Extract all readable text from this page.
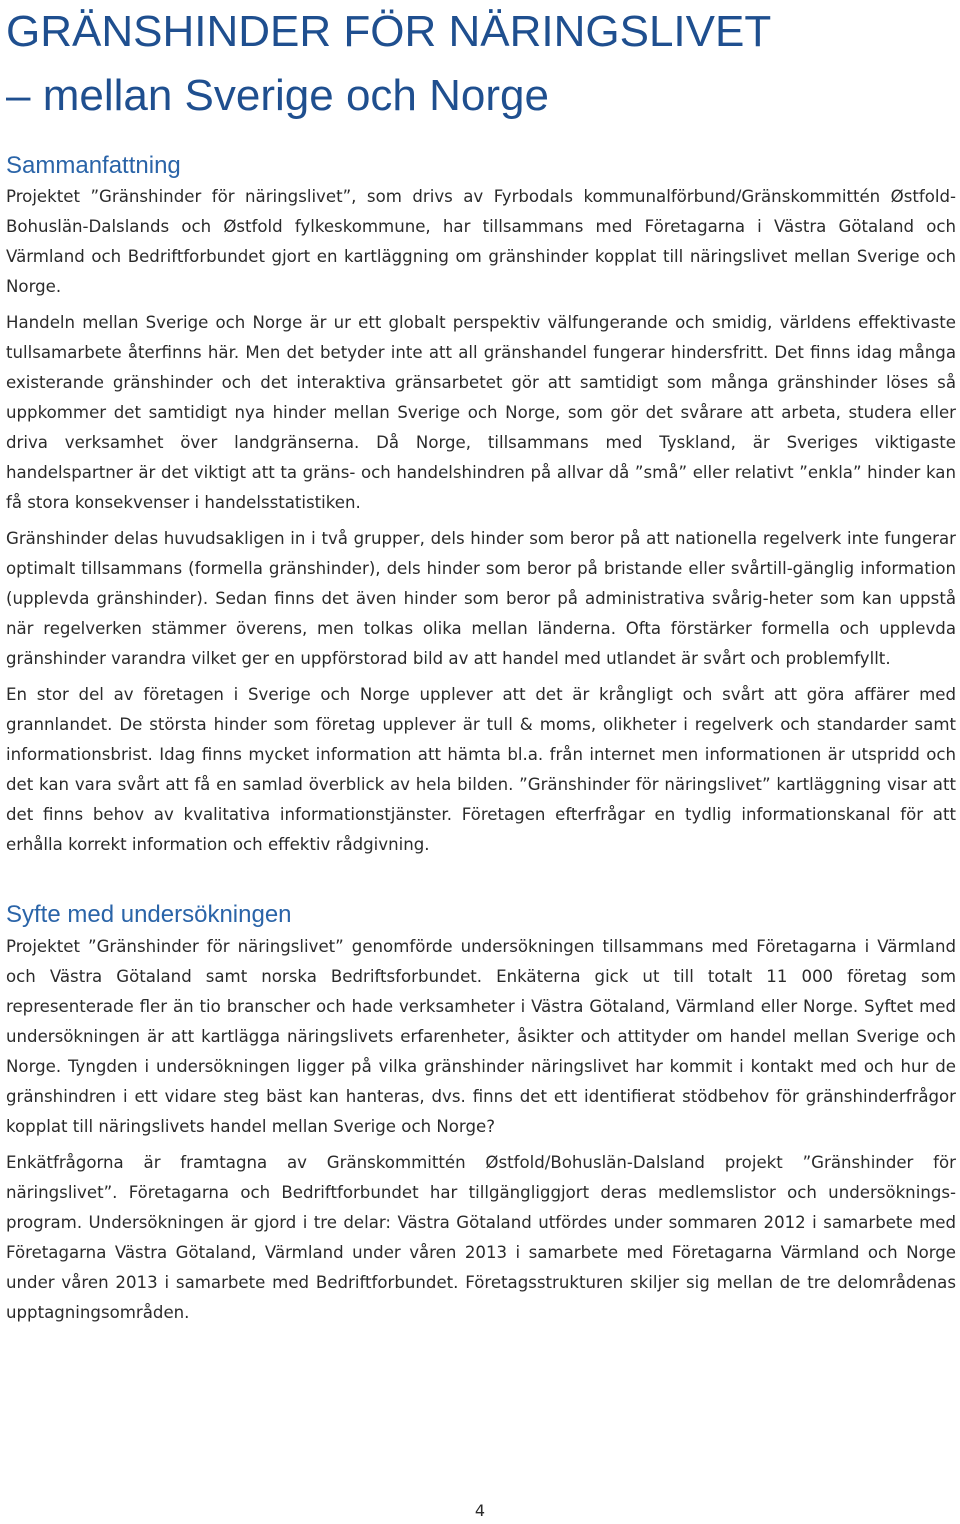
GRÄNSHINDER FÖR NÄRINGSLIVET
– mellan Sverige och Norge
Sammanfattning

Projektet ”Gränshinder för näringslivet”, som drivs av Fyrbodals kommunalförbund/Gränskommittén Østfold-Bohuslän-Dalslands och Østfold fylkeskommune, har tillsammans med Företagarna i Västra Götaland och Värmland och Bedriftforbundet gjort en kartläggning om gränshinder kopplat till näringslivet mellan Sverige och Norge.

Handeln mellan Sverige och Norge är ur ett globalt perspektiv välfungerande och smidig, världens effektivaste tullsamarbete återfinns här. Men det betyder inte att all gränshandel fungerar hindersfritt. Det finns idag många existerande gränshinder och det interaktiva gränsarbetet gör att samtidigt som många gränshinder löses så uppkommer det samtidigt nya hinder mellan Sverige och Norge, som gör det svårare att arbeta, studera eller driva verksamhet över landgränserna. Då Norge, tillsammans med Tyskland, är Sveriges viktigaste handelspartner är det viktigt att ta gräns- och handelshindren på allvar då ”små” eller relativt ”enkla” hinder kan få stora konsekvenser i handelsstatistiken.

Gränshinder delas huvudsakligen in i två grupper, dels hinder som beror på att nationella regelverk inte fungerar optimalt tillsammans (formella gränshinder), dels hinder som beror på bristande eller svårtill-gänglig information (upplevda gränshinder). Sedan finns det även hinder som beror på administrativa svårig-heter som kan uppstå när regelverken stämmer överens, men tolkas olika mellan länderna. Ofta förstärker formella och upplevda gränshinder varandra vilket ger en uppförstorad bild av att handel med utlandet är svårt och problemfyllt.

En stor del av företagen i Sverige och Norge upplever att det är krångligt och svårt att göra affärer med grannlandet. De största hinder som företag upplever är tull & moms, olikheter i regelverk och standarder samt informationsbrist. Idag finns mycket information att hämta bl.a. från internet men informationen är utspridd och det kan vara svårt att få en samlad överblick av hela bilden. ”Gränshinder för näringslivet” kartläggning visar att det finns behov av kvalitativa informationstjänster. Företagen efterfrågar en tydlig informationskanal för att erhålla korrekt information och effektiv rådgivning.

Syfte med undersökningen

Projektet ”Gränshinder för näringslivet” genomförde undersökningen tillsammans med Företagarna i Värmland och Västra Götaland samt norska Bedriftsforbundet. Enkäterna gick ut till totalt 11 000 företag som representerade fler än tio branscher och hade verksamheter i Västra Götaland, Värmland eller Norge. Syftet med undersökningen är att kartlägga näringslivets erfarenheter, åsikter och attityder om handel mellan Sverige och Norge. Tyngden i undersökningen ligger på vilka gränshinder näringslivet har kommit i kontakt med och hur de gränshindren i ett vidare steg bäst kan hanteras, dvs. finns det ett identifierat stödbehov för gränshinderfrågor kopplat till näringslivets handel mellan Sverige och Norge?

Enkätfrågorna är framtagna av Gränskommittén Østfold/Bohuslän-Dalsland projekt ”Gränshinder för näringslivet”. Företagarna och Bedriftforbundet har tillgängliggjort deras medlemslistor och undersöknings-program. Undersökningen är gjord i tre delar: Västra Götaland utfördes under sommaren 2012 i samarbete med Företagarna Västra Götaland, Värmland under våren 2013 i samarbete med Företagarna Värmland och Norge under våren 2013 i samarbete med Bedriftforbundet. Företagsstrukturen skiljer sig mellan de tre delområdenas upptagningsområden.

4
